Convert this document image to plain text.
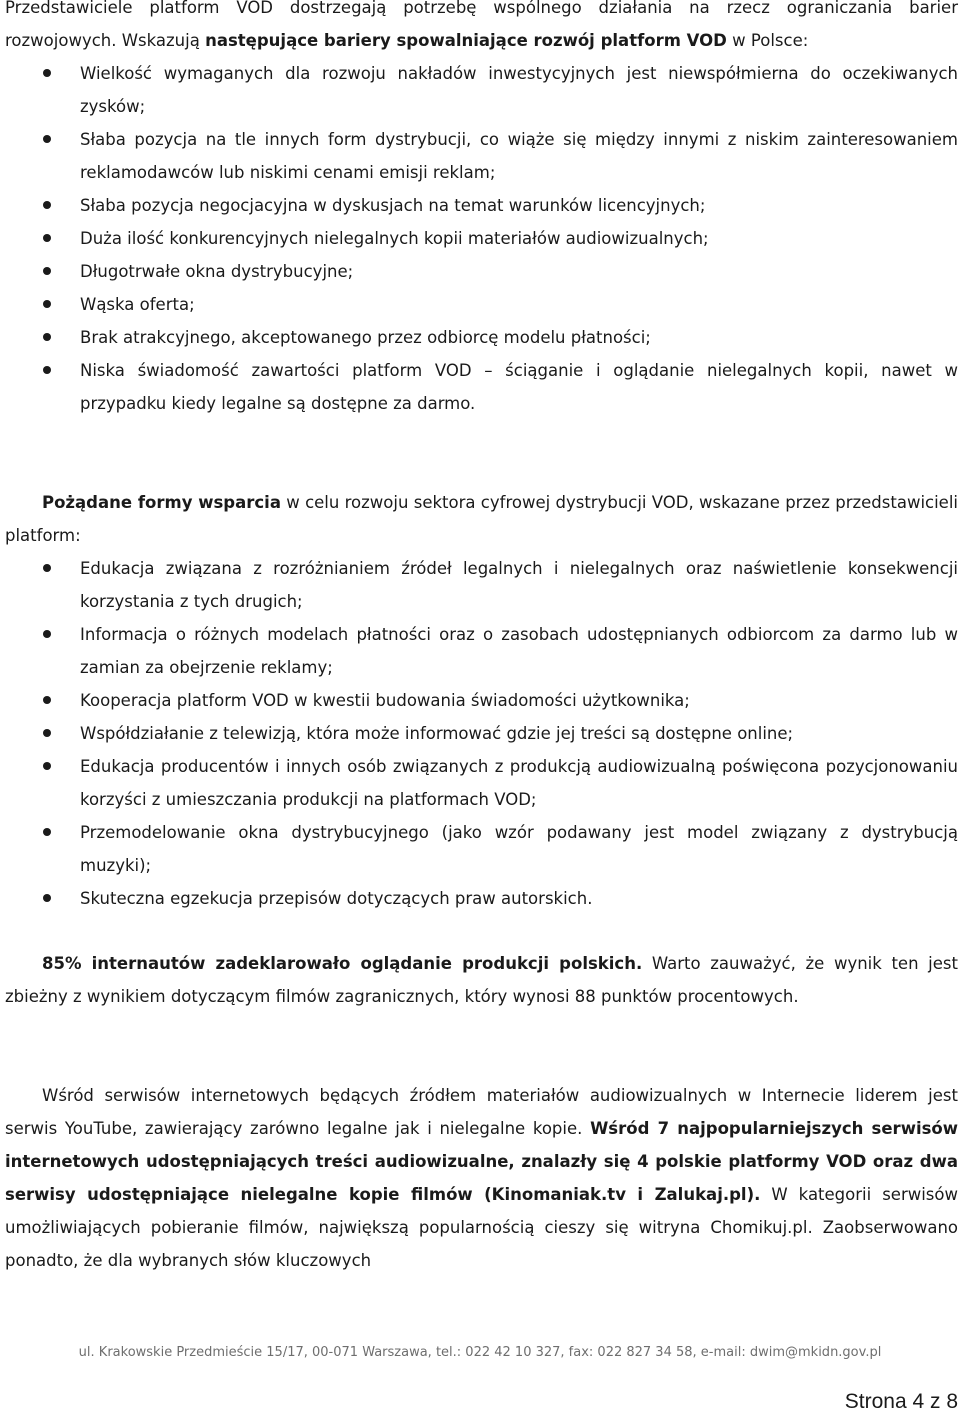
Przedstawiciele platform VOD dostrzegają potrzebę wspólnego działania na rzecz ograniczania barier rozwojowych. Wskazują następujące bariery spowalniające rozwój platform VOD w Polsce:

Wielkość wymaganych dla rozwoju nakładów inwestycyjnych jest niewspółmierna do oczekiwanych zysków;
Słaba pozycja na tle innych form dystrybucji, co wiąże się między innymi z niskim zainteresowaniem reklamodawców lub niskimi cenami emisji reklam;
Słaba pozycja negocjacyjna w dyskusjach na temat warunków licencyjnych;
Duża ilość konkurencyjnych nielegalnych kopii materiałów audiowizualnych;
Długotrwałe okna dystrybucyjne;
Wąska oferta;
Brak atrakcyjnego, akceptowanego przez odbiorcę modelu płatności;
Niska świadomość zawartości platform VOD – ściąganie i oglądanie nielegalnych kopii, nawet w przypadku kiedy legalne są dostępne za darmo.

Pożądane formy wsparcia w celu rozwoju sektora cyfrowej dystrybucji VOD, wskazane przez przedstawicieli platform:

Edukacja związana z rozróżnianiem źródeł legalnych i nielegalnych oraz naświetlenie konsekwencji korzystania z tych drugich;
Informacja o różnych modelach płatności oraz o zasobach udostępnianych odbiorcom za darmo lub w zamian za obejrzenie reklamy;
Kooperacja platform VOD w kwestii budowania świadomości użytkownika;
Współdziałanie z telewizją, która może informować gdzie jej treści są dostępne online;
Edukacja producentów i innych osób związanych z produkcją audiowizualną poświęcona pozycjonowaniu korzyści z umieszczania produkcji na platformach VOD;
Przemodelowanie okna dystrybucyjnego (jako wzór podawany jest model związany z dystrybucją muzyki);
Skuteczna egzekucja przepisów dotyczących praw autorskich.

85% internautów zadeklarowało oglądanie produkcji polskich. Warto zauważyć, że wynik ten jest zbieżny z wynikiem dotyczącym filmów zagranicznych, który wynosi 88 punktów procentowych.

Wśród serwisów internetowych będących źródłem materiałów audiowizualnych w Internecie liderem jest serwis YouTube, zawierający zarówno legalne jak i nielegalne kopie. Wśród 7 najpopularniejszych serwisów internetowych udostępniających treści audiowizualne, znalazły się 4 polskie platformy VOD oraz dwa serwisy udostępniające nielegalne kopie filmów (Kinomaniak.tv i Zalukaj.pl). W kategorii serwisów umożliwiających pobieranie filmów, największą popularnością cieszy się witryna Chomikuj.pl. Zaobserwowano ponadto, że dla wybranych słów kluczowych

ul. Krakowskie Przedmieście 15/17, 00-071 Warszawa, tel.: 022 42 10 327, fax: 022 827 34 58, e-mail: dwim@mkidn.gov.pl
Strona 4 z 8
